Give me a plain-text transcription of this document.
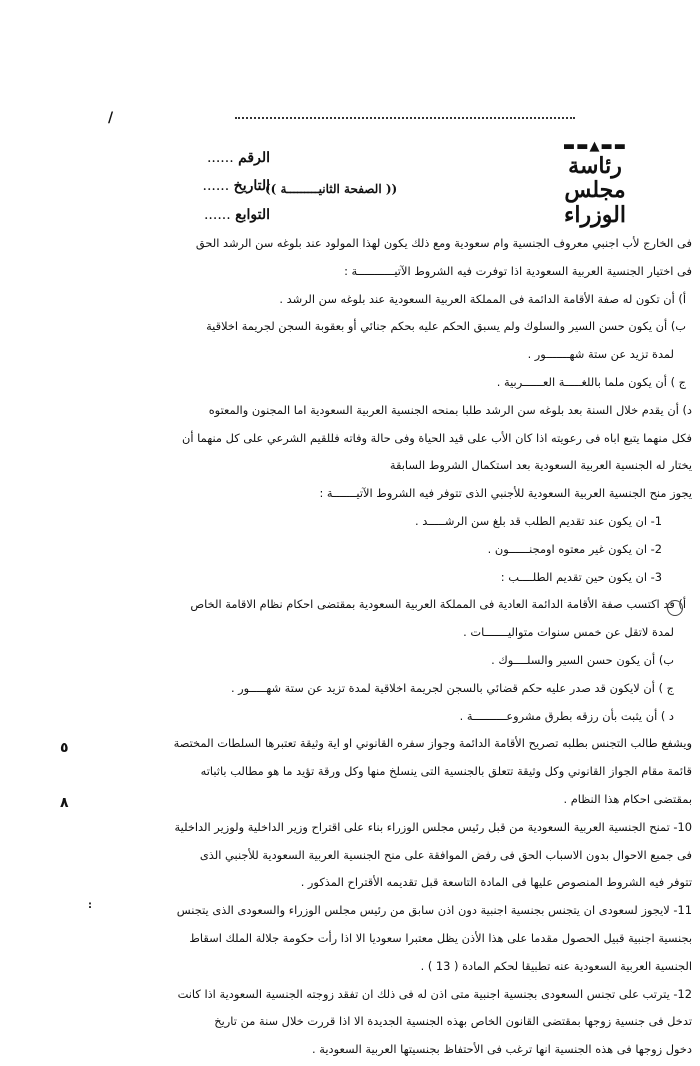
/
الرقم ......
التاريخ ......
التوابع ......
(( الصفحة الثانيـــــــــة ))
▬▬▲▬▬
رئاسة
مجلس الوزراء
فى الخارج لأب اجنبي معروف الجنسية وام سعودية ومع ذلك يكون لهذا المولود عند بلوغه سن الرشد الحق
فى اختيار الجنسية العربية السعودية اذا توفرت فيه الشروط الآتيـــــــــــة :
أ) أن تكون له صفة الأقامة الدائمة فى المملكة العربية السعودية عند بلوغه سن الرشد .
ب) أن يكون حسن السير والسلوك ولم يسبق الحكم عليه بحكم جنائي أو بعقوبة السجن لجريمة اخلاقية
لمدة تزيد عن ستة شهـــــــور .
ج ) أن يكون ملما باللغـــــة العــــــربية .
د) أن يقدم خلال السنة بعد بلوغه سن الرشد طلبا بمنحه الجنسية العربية السعودية اما المجنون والمعتوه
فكل منهما يتبع اباه فى رعويته اذا كان الأب على قيد الحياة وفى حالة وفاته فللقيم الشرعي على كل منهما أن
يختار له الجنسية العربية السعودية بعد استكمال الشروط السابقة
يجوز منح الجنسية العربية السعودية للأجنبي الذى تتوفر فيه الشروط الآتيـــــــة :
1- ان يكون عند تقديم الطلب قد بلغ سن الرشـــــد .
2- ان يكون غير معتوه اومجنــــــون .
3- ان يكون حين تقديم الطلــــب :
أ) قد اكتسب صفة الأقامة الدائمة العادية فى المملكة العربية السعودية بمقتضى احكام نظام الاقامة الخاص
لمدة لاتقل عن خمس سنوات متواليـــــــات .
ب) أن يكون حسن السير والسلــــوك .
ج ) أن لايكون قد صدر عليه حكم قضائي بالسجن لجريمة اخلاقية لمدة تزيد عن ستة شهـــــور .
د ) أن يثبت بأن رزقه بطرق مشروعــــــــــة .
ويشفع طالب التجنس بطلبه تصريح الأقامة الدائمة وجواز سفره القانوني او اية وثيقة تعتبرها السلطات المختصة
قائمة مقام الجواز القانوني وكل وثيقة تتعلق بالجنسية التى ينسلخ منها وكل ورقة تؤيد ما هو مطالب باثباته
بمقتضى احكام هذا النظام .
10- تمنح الجنسية العربية السعودية من قبل رئيس مجلس الوزراء بناء على اقتراح وزير الداخلية ولوزير الداخلية
فى جميع الاحوال بدون الاسباب الحق فى رفض الموافقة على منح الجنسية العربية السعودية للأجنبي الذى
تتوفر فيه الشروط المنصوص عليها فى المادة التاسعة قبل تقديمه الأقتراح المذكور .
11- لايجوز لسعودى ان يتجنس بجنسية اجنبية دون اذن سابق من رئيس مجلس الوزراء والسعودى الذى يتجنس
بجنسية اجنبية قبيل الحصول مقدما على هذا الأذن يظل معتبرا سعوديا الا اذا رأت حكومة جلالة الملك اسقاط
الجنسية العربية السعودية عنه تطبيقا لحكم المادة ( 13 ) .
12- يترتب على تجنس السعودى بجنسية اجنبية متى اذن له فى ذلك ان تفقد زوجته الجنسية السعودية اذا كانت
تدخل فى جنسية زوجها بمقتضى القانون الخاص بهذه الجنسية الجديدة الا اذا قررت خلال سنة من تاريخ
دخول زوجها فى هذه الجنسية انها ترغب فى الأحتفاظ بجنسيتها العربية السعودية .
٥
٨
:
